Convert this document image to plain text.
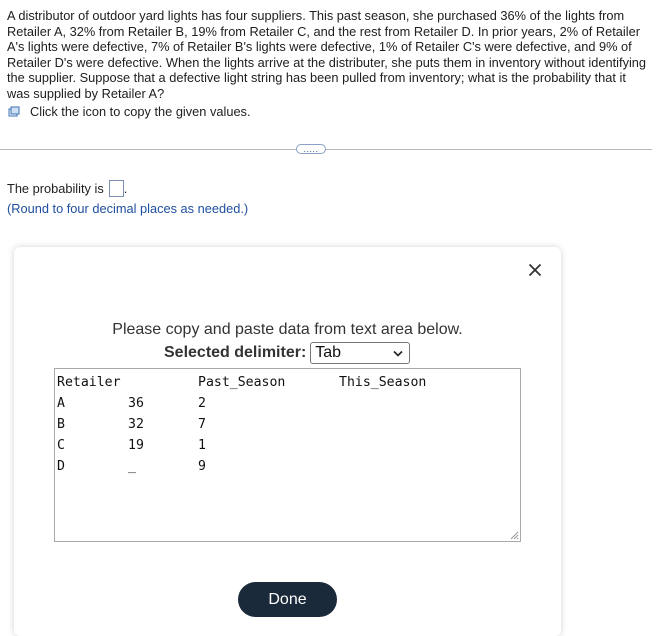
A distributor of outdoor yard lights has four suppliers. This past season, she purchased 36% of the lights from Retailer A, 32% from Retailer B, 19% from Retailer C, and the rest from Retailer D. In prior years, 2% of Retailer A's lights were defective, 7% of Retailer B's lights were defective, 1% of Retailer C's were defective, and 9% of Retailer D's were defective. When the lights arrive at the distributer, she puts them in inventory without identifying the supplier. Suppose that a defective light string has been pulled from inventory; what is the probability that it was supplied by Retailer A?

Click the icon to copy the given values.
.....
The probability is .
(Round to four decimal places as needed.)
Please copy and paste data from text area below.
Selected delimiter: Tab
Retailer		Past_Season	This_Season
A	36	2	
B	32	7	
C	19	1	
D	_	9	
Done
